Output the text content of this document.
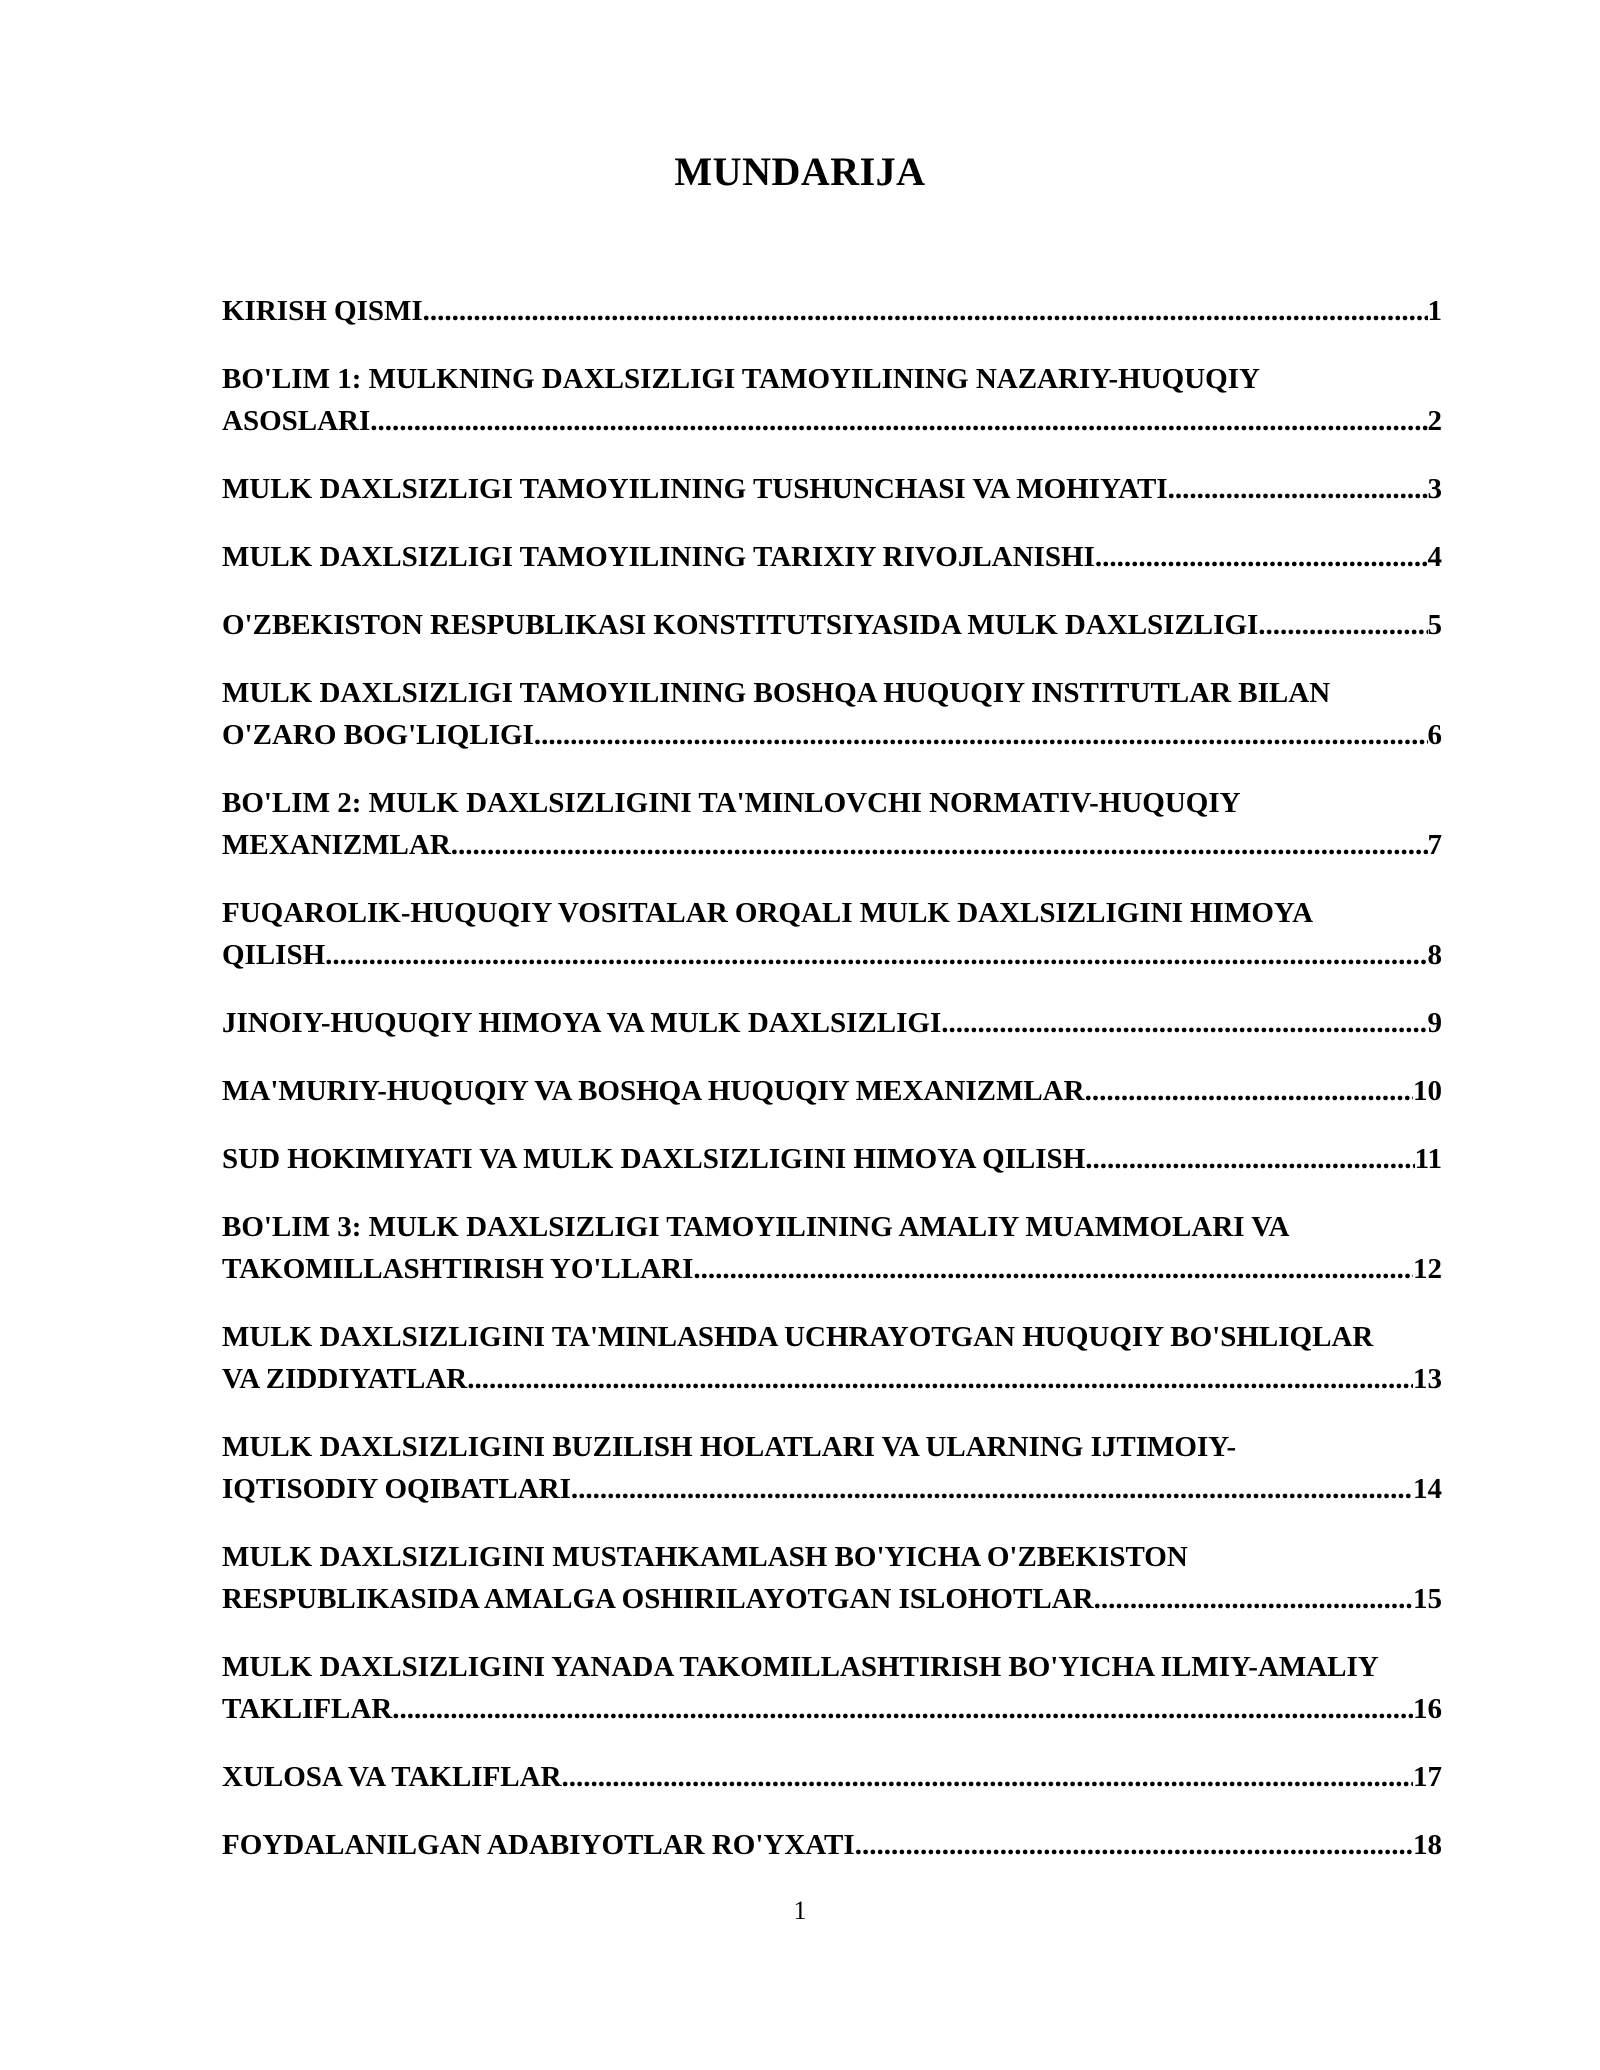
MUNDARIJA
KIRISH QISMI .....	1
BO'LIM 1: MULKNING DAXLSIZLIGI TAMOYILINING NAZARIY-HUQUQIY
ASOSLARI .....	2
MULK DAXLSIZLIGI TAMOYILINING TUSHUNCHASI VA MOHIYATI .....	3
MULK DAXLSIZLIGI TAMOYILINING TARIXIY RIVOJLANISHI .....	4
O'ZBEKISTON RESPUBLIKASI KONSTITUTSIYASIDA MULK DAXLSIZLIGI .....	5
MULK DAXLSIZLIGI TAMOYILINING BOSHQA HUQUQIY INSTITUTLAR BILAN
O'ZARO BOG'LIQLIGI .....	6
BO'LIM 2: MULK DAXLSIZLIGINI TA'MINLOVCHI NORMATIV-HUQUQIY
MEXANIZMLAR .....	7
FUQAROLIK-HUQUQIY VOSITALAR ORQALI MULK DAXLSIZLIGINI HIMOYA
QILISH .....	8
JINOIY-HUQUQIY HIMOYA VA MULK DAXLSIZLIGI .....	9
MA'MURIY-HUQUQIY VA BOSHQA HUQUQIY MEXANIZMLAR .....	10
SUD HOKIMIYATI VA MULK DAXLSIZLIGINI HIMOYA QILISH .....	11
BO'LIM 3: MULK DAXLSIZLIGI TAMOYILINING AMALIY MUAMMOLARI VA
TAKOMILLASHTIRISH YO'LLARI .....	12
MULK DAXLSIZLIGINI TA'MINLASHDA UCHRAYOTGAN HUQUQIY BO'SHLIQLAR
VA ZIDDIYATLAR .....	13
MULK DAXLSIZLIGINI BUZILISH HOLATLARI VA ULARNING IJTIMOIY-
IQTISODIY OQIBATLARI .....	14
MULK DAXLSIZLIGINI MUSTAHKAMLASH BO'YICHA O'ZBEKISTON
RESPUBLIKASIDA AMALGA OSHIRILAYOTGAN ISLOHOTLAR .....	15
MULK DAXLSIZLIGINI YANADA TAKOMILLASHTIRISH BO'YICHA ILMIY-AMALIY
TAKLIFLAR .....	16
XULOSA VA TAKLIFLAR .....	17
FOYDALANILGAN ADABIYOTLAR RO'YXATI .....	18
1
